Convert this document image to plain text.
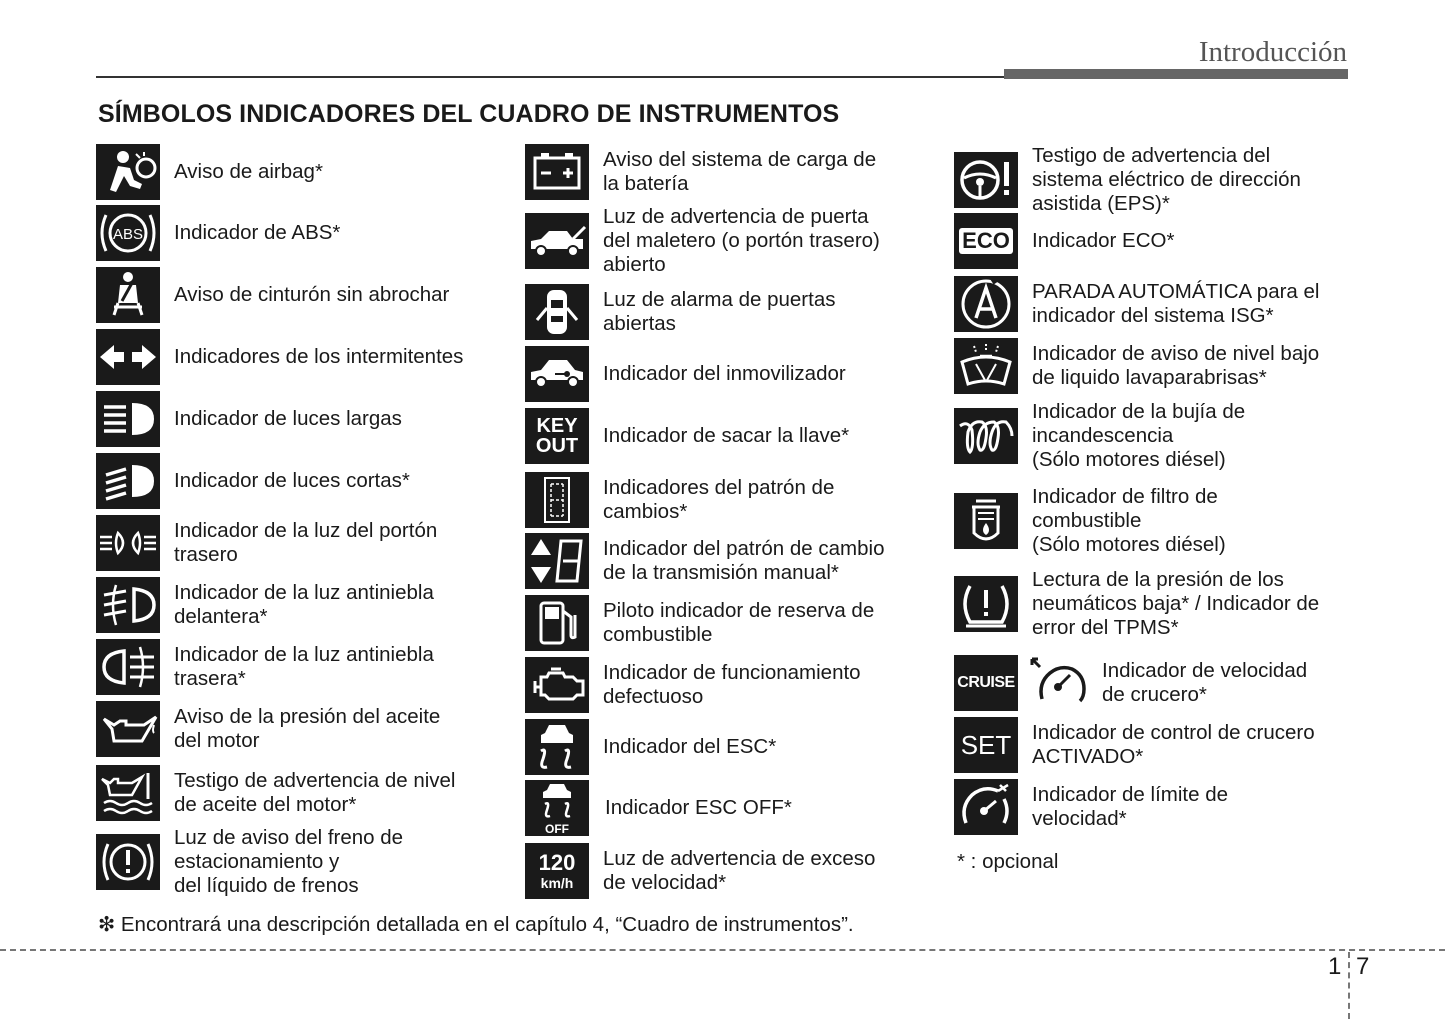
Introducción
SÍMBOLOS INDICADORES DEL CUADRO DE INSTRUMENTOS
Aviso de airbag*
ABS Indicador de ABS*
Aviso de cinturón sin abrochar
Indicadores de los intermitentes
Indicador de luces largas
Indicador de luces cortas*
Indicador de la luz del portón
trasero
Indicador de la luz antiniebla
delantera*
Indicador de la luz antiniebla
trasera*
Aviso de la presión del aceite
del motor
Testigo de advertencia de nivel
de aceite del motor*
Luz de aviso del freno de
estacionamiento y
del líquido de frenos
Aviso del sistema de carga de
la batería
Luz de advertencia de puerta
del maletero (o portón trasero)
abierto
Luz de alarma de puertas
abiertas
Indicador del inmovilizador
KEY
OUT Indicador de sacar la llave*
Indicadores del patrón de
cambios*
Indicador del patrón de cambio
de la transmisión manual*
Piloto indicador de reserva de
combustible
Indicador de funcionamiento
defectuoso
Indicador del ESC*
OFF
Indicador ESC OFF*
120
km/h
Luz de advertencia de exceso
de velocidad*
Testigo de advertencia del
sistema eléctrico de dirección
asistida (EPS)*
ECO Indicador ECO*
PARADA AUTOMÁTICA para el
indicador del sistema ISG*
Indicador de aviso de nivel bajo
de liquido lavaparabrisas*
Indicador de la bujía de
incandescencia
(Sólo motores diésel)
Indicador de filtro de
combustible
(Sólo motores diésel)
Lectura de la presión de los
neumáticos baja* / Indicador de
error del TPMS*
CRUISE
Indicador de velocidad
de crucero*
SET Indicador de control de crucero
ACTIVADO*
Indicador de límite de
velocidad*
* : opcional
❇ Encontrará una descripción detallada en el capítulo 4, “Cuadro de instrumentos”.
1 7
